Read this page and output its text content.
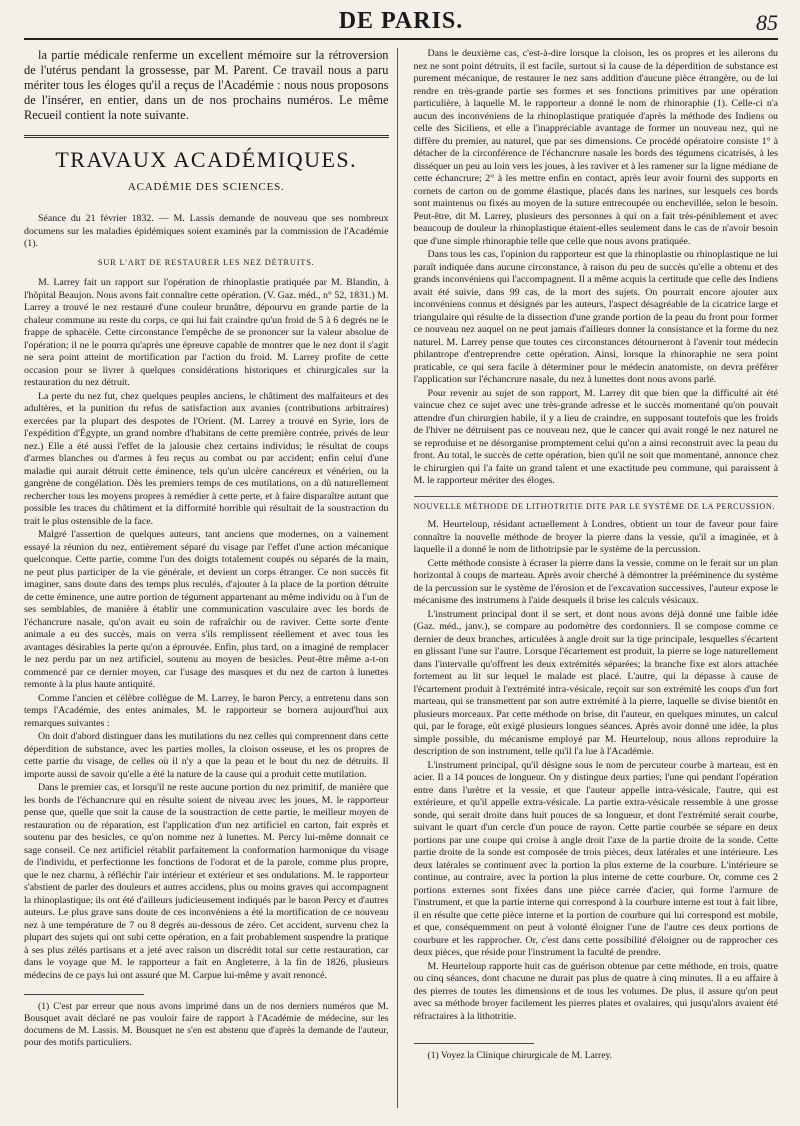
DE PARIS.	85

la partie médicale renferme un excellent mémoire sur la rétroversion de l'utérus pendant la grossesse, par M. Parent. Ce travail nous a paru mériter tous les éloges qu'il a reçus de l'Académie : nous nous proposons de l'insérer, en entier, dans un de nos prochains numéros. Le même Recueil contient la note suivante.

TRAVAUX ACADÉMIQUES.
ACADÉMIE DES SCIENCES.

Séance du 21 février 1832. — M. Lassis demande de nouveau que ses nombreux documens sur les maladies épidémiques soient examinés par la commission de l'Académie (1).

SUR L'ART DE RESTAURER LES NEZ DÉTRUITS.

M. Larrey fait un rapport sur l'opération de rhinoplastie pratiquée par M. Blandin, à l'hôpital Beaujon. Nous avons fait connaître cette opération. (V. Gaz. méd., n° 52, 1831.) M. Larrey a trouvé le nez restauré d'une couleur brunâtre, dépourvu en grande partie de la chaleur commune au reste du corps, ce qui lui fait craindre qu'un froid de 5 à 6 degrés ne le frappe de sphacèle. Cette circonstance l'empêche de se prononcer sur la valeur absolue de l'opération; il ne le pourra qu'après une épreuve capable de montrer que le nez dont il s'agit ne sera point atteint de mortification par l'action du froid. M. Larrey profite de cette occasion pour se livrer à quelques considérations historiques et chirurgicales sur la restauration du nez détruit.

La perte du nez fut, chez quelques peuples anciens, le châtiment des malfaiteurs et des adultères, et la punition du refus de satisfaction aux avanies (contributions arbitraires) exercées par la plupart des despotes de l'Orient. (M. Larrey a trouvé en Syrie, lors de l'expédition d'Égypte, un grand nombre d'habitans de cette première contrée, privés de leur nez.) Elle a été aussi l'effet de la jalousie chez certains individus; le résultat de coups d'armes blanches ou d'armes à feu reçus au combat ou par accident; enfin celui d'une maladie qui aurait détruit cette éminence, tels qu'un ulcère cancéreux et vénérien, ou la gangrène de congélation. Dès les premiers temps de ces mutilations, on a dû naturellement rechercher tous les moyens propres à remédier à cette perte, et à faire disparaître autant que possible les traces du châtiment et la difformité horrible qui résultait de la soustraction du trait le plus ostensible de la face.

Malgré l'assertion de quelques auteurs, tant anciens que modernes, on a vainement essayé la réunion du nez, entièrement séparé du visage par l'effet d'une action mécanique quelconque. Cette partie, comme l'un des doigts totalement coupés ou séparés de la main, ne peut plus participer de la vie générale, et devient un corps étranger. Ce non succès fit imaginer, sans doute dans des temps plus reculés, d'ajouter à la place de la portion détruite de cette éminence, une autre portion de tégument appartenant au même individu ou à l'un de ses semblables, de manière à établir une communication vasculaire avec les bords de l'échancrure nasale, qu'on avait eu soin de rafraîchir ou de raviver. Cette sorte d'ente animale a eu des succès, mais on verra s'ils remplissent réellement et avec tous les avantages désirables la perte qu'on a éprouvée. Enfin, plus tard, on a imaginé de remplacer le nez perdu par un nez artificiel, soutenu au moyen de besicles. Peut-être même a-t-on commencé par ce dernier moyen, car l'usage des masques et du nez de carton à lunettes remonte à la plus haute antiquité.

Comme l'ancien et célèbre collègue de M. Larrey, le baron Percy, a entretenu dans son temps l'Académie, des entes animales, M. le rapporteur se bornera aujourd'hui aux remarques suivantes :

On doit d'abord distinguer dans les mutilations du nez celles qui comprennent dans cette déperdition de substance, avec les parties molles, la cloison osseuse, et les os propres de cette partie du visage, de celles où il n'y a que la peau et le bout du nez de détruits. Il importe aussi de savoir qu'elle a été la nature de la cause qui a produit cette mutilation.

Dans le premier cas, et lorsqu'il ne reste aucune portion du nez primitif, de manière que les bords de l'échancrure qui en résulte soient de niveau avec les joues, M. le rapporteur pense que, quelle que soit la cause de la soustraction de cette partie, le meilleur moyen de restauration ou de réparation, est l'application d'un nez artificiel en carton, fait exprès et soutenu par des besicles, ce qu'on nomme nez à lunettes. M. Percy lui-même donnait ce sage conseil. Ce nez artificiel rétablit parfaitement la conformation harmonique du visage de l'individu, et perfectionne les fonctions de l'odorat et de la parole, comme plus propre, que le nez charnu, à réfléchir l'air intérieur et extérieur et ses ondulations. M. le rapporteur s'abstient de parler des douleurs et autres accidens, plus ou moins graves qui accompagnent la rhinoplastique; ils ont été d'ailleurs judicieusement indiqués par le baron Percy et d'autres auteurs. Le plus grave sans doute de ces inconvéniens a été la mortification de ce nouveau nez à une température de 7 ou 8 degrés au-dessous de zéro. Cet accident, survenu chez la plupart des sujets qui ont subi cette opération, en a fait probablement suspendre la pratique à ses plus zélés partisans et a jeté avec raison un discrédit total sur cette restauration, car dans le voyage que M. le rapporteur a fait en Angleterre, à la fin de 1826, plusieurs médecins de ce pays lui ont assuré que M. Carpue lui-même y avait renoncé.

(1) C'est par erreur que nous avons imprimé dans un de nos derniers numéros que M. Bousquet avait déclaré ne pas vouloir faire de rapport à l'Académie de médecine, sur les documens de M. Lassis. M. Bousquet ne s'en est abstenu que d'après la demande de l'auteur, pour des motifs particuliers.

Dans le deuxième cas, c'est-à-dire lorsque la cloison, les os propres et les ailerons du nez ne sont point détruits, il est facile, surtout si la cause de la déperdition de substance est purement mécanique, de restaurer le nez sans addition d'aucune pièce étrangère, ou de lui rendre en très-grande partie ses formes et ses fonctions primitives par une opération particulière, à laquelle M. le rapporteur a donné le nom de rhinoraphie (1). Celle-ci n'a aucun des inconvéniens de la rhinoplastique pratiquée d'après la méthode des Indiens ou celle des Siciliens, et elle a l'inappréciable avantage de former un nouveau nez, qui ne diffère du premier, au naturel, que par ses dimensions. Ce procédé opératoire consiste 1° à détacher de la circonférence de l'échancrure nasale les bords des tégumens cicatrisés, à les disséquer un peu au loin vers les joues, à les raviver et à les ramener sur la ligne médiane de cette échancrure; 2° à les mettre enfin en contact, après leur avoir fourni des supports en cornets de carton ou de gomme élastique, placés dans les narines, sur lesquels ces bords sont maintenus ou fixés au moyen de la suture entrecoupée ou enchevillée, selon le besoin. Peut-être, dit M. Larrey, plusieurs des personnes à qui on a fait très-péniblement et avec beaucoup de douleur la rhinoplastique étaient-elles seulement dans le cas de n'avoir besoin que d'une simple rhinoraphie telle que celle que nous avons pratiquée.

Dans tous les cas, l'opinion du rapporteur est que la rhinoplastie ou rhinoplastique ne lui paraît indiquée dans aucune circonstance, à raison du peu de succès qu'elle a obtenu et des grands inconvéniens qui l'accompagnent. Il a même acquis la certitude que celle des Indiens avait été suivie, dans 99 cas, de la mort des sujets. On pourrait encore ajouter aux inconvéniens connus et désignés par les auteurs, l'aspect désagréable de la cicatrice large et triangulaire qui résulte de la dissection d'une grande portion de la peau du front pour former ce nouveau nez auquel on ne peut jamais d'ailleurs donner la consistance et la forme du nez naturel. M. Larrey pense que toutes ces circonstances détourneront à l'avenir tout médecin philantrope d'entreprendre cette opération. Ainsi, lorsque la rhinoraphie ne sera point praticable, ce qui sera facile à déterminer pour le médecin anatomiste, on devra préférer l'application sur l'échancrure nasale, du nez à lunettes dont nous avons parlé.

Pour revenir au sujet de son rapport, M. Larrey dit que bien que la difficulté ait été vaincue chez ce sujet avec une très-grande adresse et le succès momentané qu'on pouvait attendre d'un chirurgien habile, il y a lieu de craindre, en supposant toutefois que les froids de l'hiver ne détruisent pas ce nouveau nez, que le cancer qui avait rongé le nez naturel ne se reproduise et ne désorganise promptement celui qu'on a ainsi reconstruit avec la peau du front. Au total, le succès de cette opération, bien qu'il ne soit que momentané, annonce chez le chirurgien qui l'a faite un grand talent et une exactitude peu commune, qui paraissent à M. le rapporteur mériter des éloges.

NOUVELLE MÉTHODE DE LITHOTRITIE DITE PAR LE SYSTÈME DE LA PERCUSSION.

M. Heurteloup, résidant actuellement à Londres, obtient un tour de faveur pour faire connaître la nouvelle méthode de broyer la pierre dans la vessie, qu'il a imaginée, et à laquelle il a donné le nom de lithotripsie par le système de la percussion.

Cette méthode consiste à écraser la pierre dans la vessie, comme on le ferait sur un plan horizontal à coups de marteau. Après avoir cherché à démontrer la prééminence du système de la percussion sur le système de l'érosion et de l'excavation successives, l'auteur expose le mécanisme des instrumens à l'aide desquels il brise les calculs vésicaux.

L'instrument principal dont il se sert, et dont nous avons déjà donné une faible idée (Gaz. méd., janv.), se compare au podomètre des cordonniers. Il se compose comme ce dernier de deux branches, articulées à angle droit sur la tige principale, lesquelles s'écartent en glissant l'une sur l'autre. Lorsque l'écartement est produit, la pierre se loge naturellement dans l'intervalle qu'offrent les deux extrémités séparées; la branche fixe est alors attachée fortement au lit sur lequel le malade est placé. L'autre, qui la dépasse à cause de l'écartement produit à l'extrémité intra-vésicale, reçoit sur son extrémité les coups d'un fort marteau, qui se transmettent par son autre extrémité à la pierre, laquelle se divise bientôt en plusieurs morceaux. Par cette méthode on brise, dit l'auteur, en quelques minutes, un calcul qui, par le forage, eût exigé plusieurs longues séances. Après avoir donné une idée, la plus simple possible, du mécanisme employé par M. Heurteloup, nous allons reproduire la description de son instrument, telle qu'il l'a lue à l'Académie.

L'instrument principal, qu'il désigne sous le nom de percuteur courbe à marteau, est en acier. Il a 14 pouces de longueur. On y distingue deux parties; l'une qui pendant l'opération entre dans l'urètre et la vessie, et que l'auteur appelle intra-vésicale, l'autre, qui est extérieure, et qu'il appelle extra-vésicale. La partie extra-vésicale ressemble à une grosse sonde, qui serait droite dans huit pouces de sa longueur, et dont l'extrémité serait courbe, suivant le quart d'un cercle d'un pouce de rayon. Cette partie courbée se sépare en deux portions par une coupe qui croise à angle droit l'axe de la partie droite de la sonde. Cette partie droite de la sonde est composée de trois pièces, deux latérales et une intérieure. Les deux latérales se continuent avec la portion la plus externe de la courbure. L'intérieure se continue, au contraire, avec la portion la plus interne de cette courbure. Or, comme ces 2 portions externes sont fixées dans une pièce carrée d'acier, qui forme l'armure de l'instrument, et que la partie interne qui correspond à la courbure interne est tout à fait libre, il en résulte que cette pièce interne et la portion de courbure qui lui correspond est mobile, et que, conséquemment on peut à volonté éloigner l'une de l'autre ces deux portions de courbure et les rapprocher. Or, c'est dans cette possibilité d'éloigner ou de rapprocher ces deux pièces, que réside pour l'instrument la faculté de prendre.

M. Heurteloup rapporte huit cas de guérison obtenue par cette méthode, en trois, quatre ou cinq séances, dont chacune ne durait pas plus de quatre à cinq minutes. Il a eu affaire à des pierres de toutes les dimensions et de tous les volumes. De plus, il assure qu'on peut avec sa méthode broyer facilement les pierres plates et ovalaires, qui jusqu'alors avaient été réfractaires à la lithotritie.

(1) Voyez la Clinique chirurgicale de M. Larrey.
